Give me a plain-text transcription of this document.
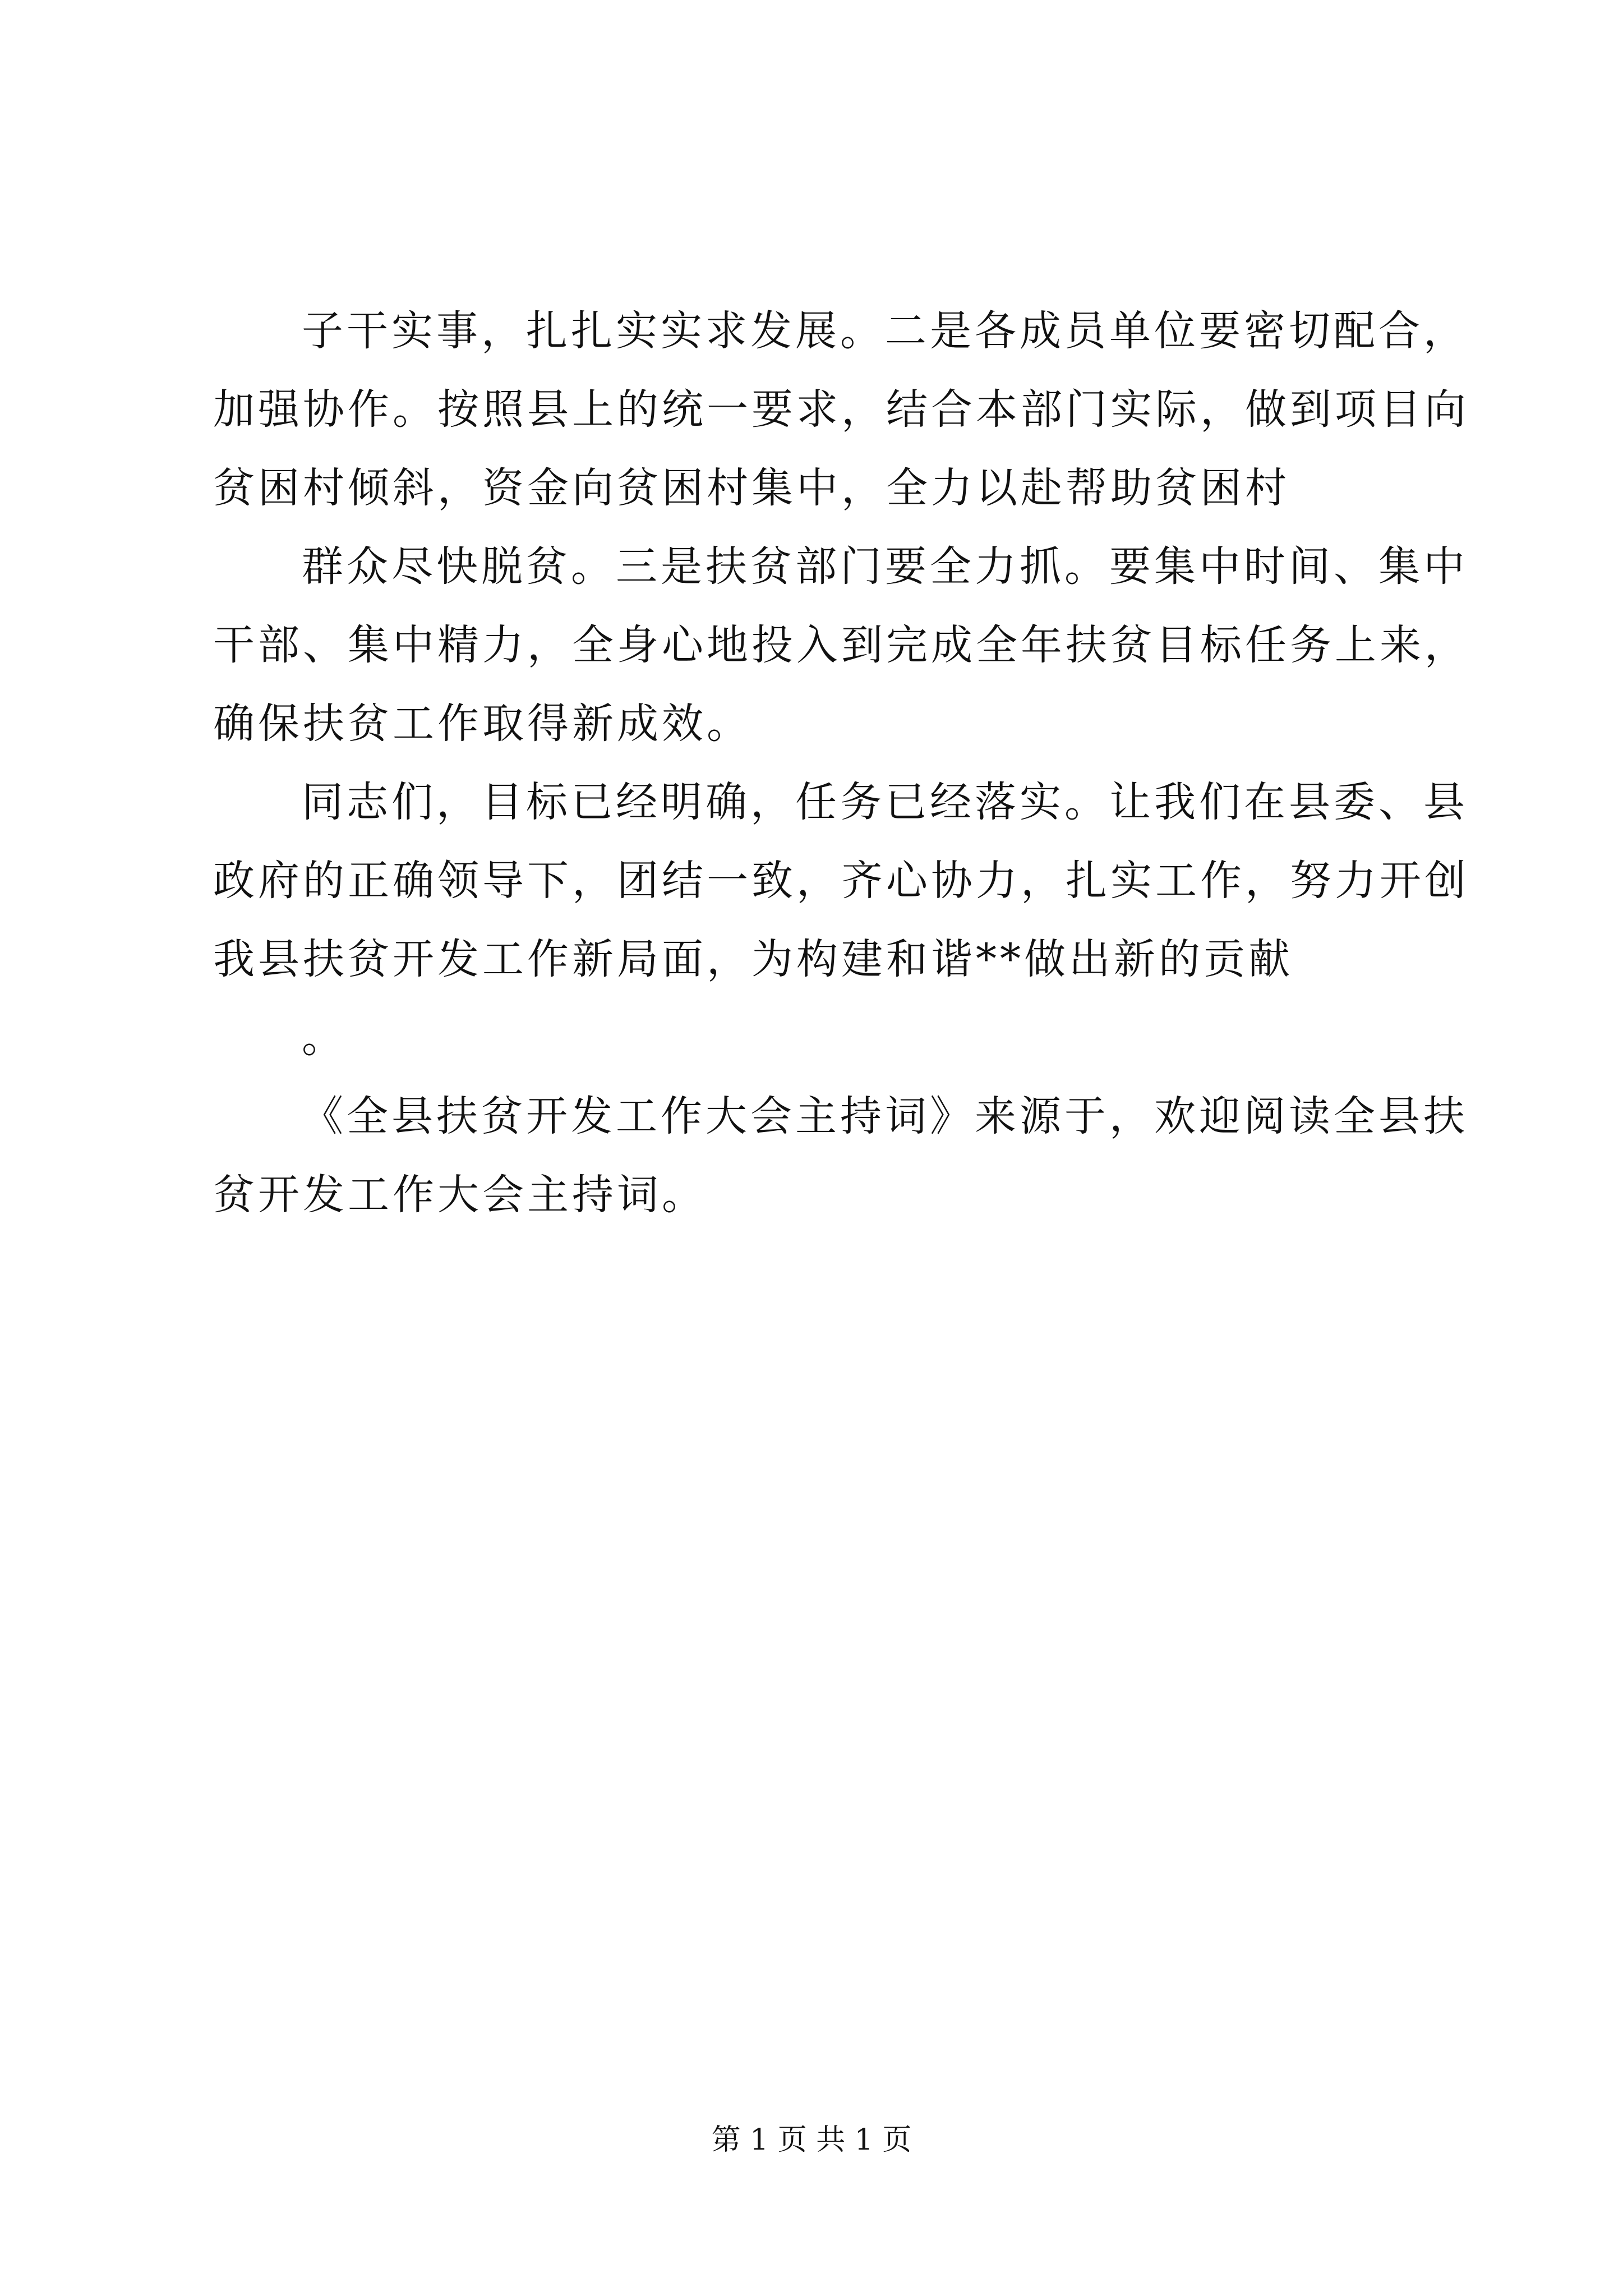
子干实事，扎扎实实求发展。二是各成员单位要密切配合，
加强协作。按照县上的统一要求，结合本部门实际，做到项目向
贫困村倾斜，资金向贫困村集中，全力以赴帮助贫困村

群众尽快脱贫。三是扶贫部门要全力抓。要集中时间、集中
干部、集中精力，全身心地投入到完成全年扶贫目标任务上来，
确保扶贫工作取得新成效。

同志们，目标已经明确，任务已经落实。让我们在县委、县
政府的正确领导下，团结一致，齐心协力，扎实工作，努力开创
我县扶贫开发工作新局面，为构建和谐**做出新的贡献

。

《全县扶贫开发工作大会主持词》来源于，欢迎阅读全县扶
贫开发工作大会主持词。

第 1 页 共 1 页
